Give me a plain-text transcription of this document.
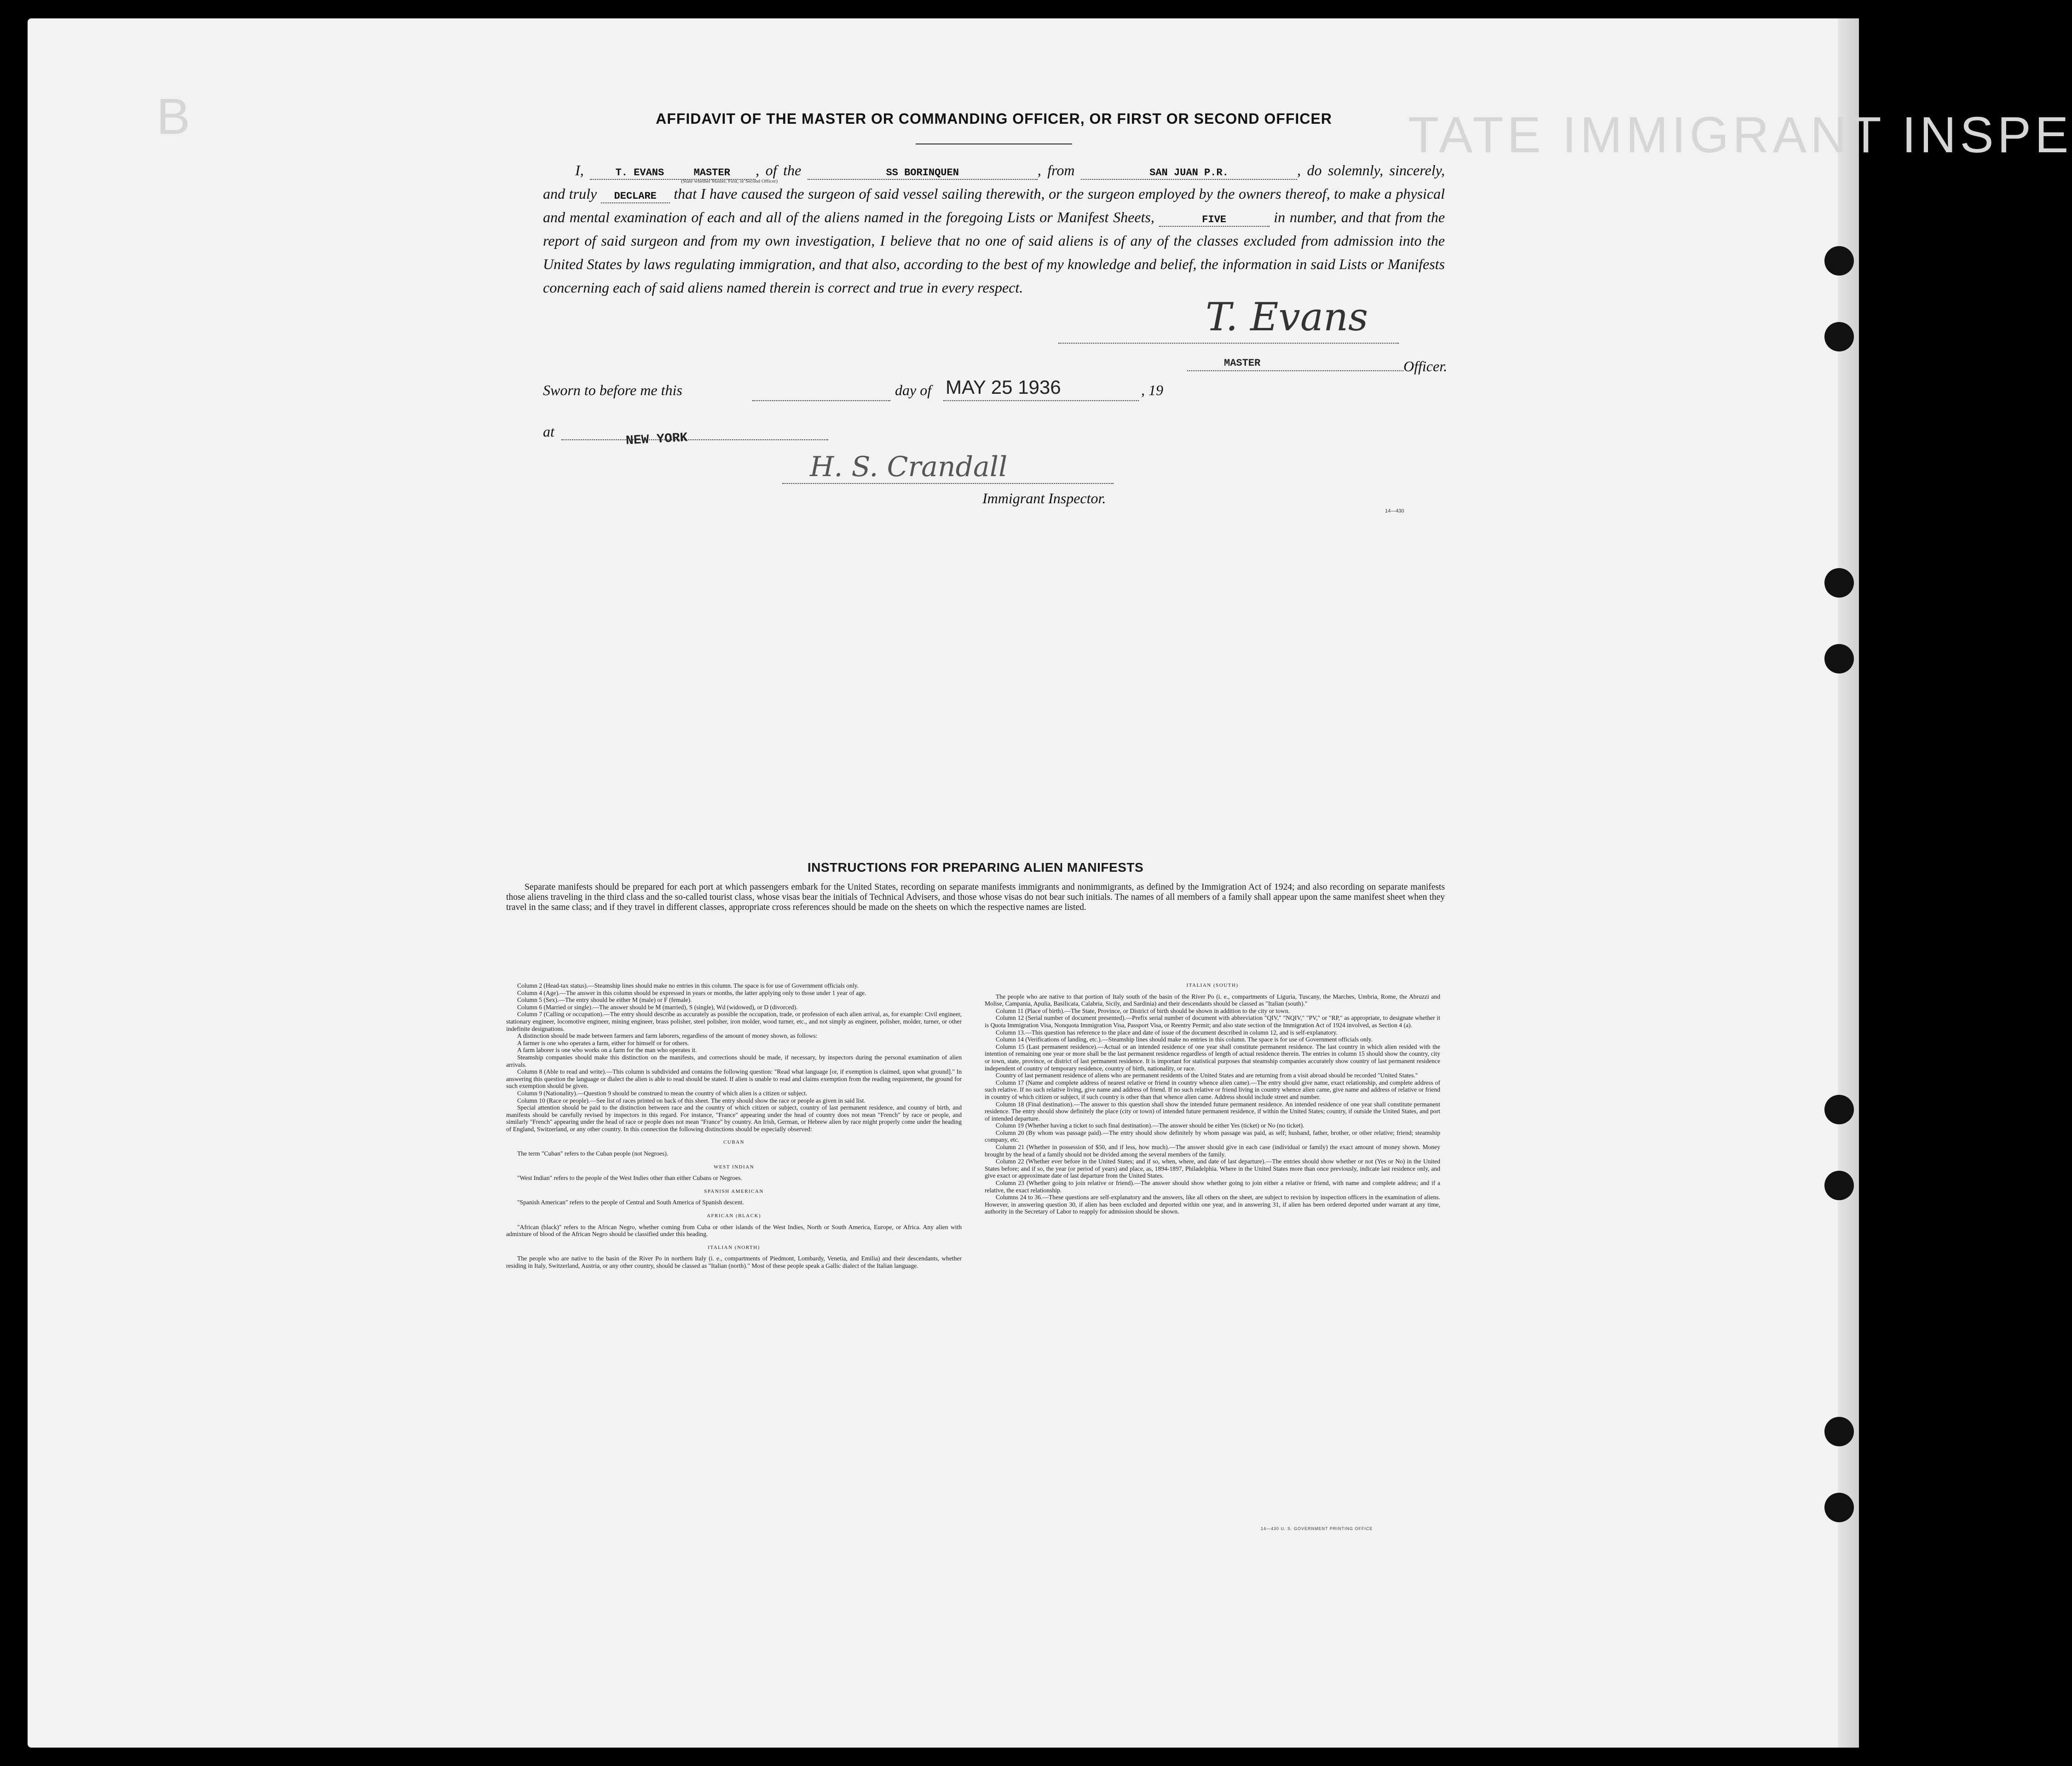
B	TATE IMMIGRANT INSPE
AFFIDAVIT OF THE MASTER OR COMMANDING OFFICER, OR FIRST OR SECOND OFFICER
I,	T. EVANS	MASTER , of the	SS BORINQUEN	, from	SAN JUAN P.R.	, do solemnly, sincerely, and truly DECLARE that I have caused the surgeon of said vessel sailing therewith, or the surgeon employed by the owners thereof, to make a physical and mental examination of each and all of the aliens named in the foregoing Lists or Manifest Sheets,	FIVE	in number, and that from the report of said surgeon and from my own investigation, I believe that no one of said aliens is of any of the classes excluded from admission into the United States by laws regulating immigration, and that also, according to the best of my knowledge and belief, the information in said Lists or Manifests concerning each of said aliens named therein is correct and true in every respect.
(State whether Master, First, or Second Officer)
T. Evans
MASTER	Officer.
Sworn to before me this	day of MAY 25 1936	, 19
at	NEW YORK
H. S. Crandall
Immigrant Inspector.
14—430
INSTRUCTIONS FOR PREPARING ALIEN MANIFESTS
Separate manifests should be prepared for each port at which passengers embark for the United States, recording on separate manifests immigrants and nonimmigrants, as defined by the Immigration Act of 1924; and also recording on separate manifests those aliens traveling in the third class and the so-called tourist class, whose visas bear the initials of Technical Advisers, and those whose visas do not bear such initials. The names of all members of a family shall appear upon the same manifest sheet when they travel in the same class; and if they travel in different classes, appropriate cross references should be made on the sheets on which the respective names are listed.

Column 2 (Head-tax status).—Steamship lines should make no entries in this column. The space is for use of Government officials only.

Column 4 (Age).—The answer in this column should be expressed in years or months, the latter applying only to those under 1 year of age.

Column 5 (Sex).—The entry should be either M (male) or F (female).

Column 6 (Married or single).—The answer should be M (married), S (single), Wd (widowed), or D (divorced).

Column 7 (Calling or occupation).—The entry should describe as accurately as possible the occupation, trade, or profession of each alien arrival, as, for example: Civil engineer, stationary engineer, locomotive engineer, mining engineer, brass polisher, steel polisher, iron molder, wood turner, etc., and not simply as engineer, polisher, molder, turner, or other indefinite designations.

A distinction should be made between farmers and farm laborers, regardless of the amount of money shown, as follows:

A farmer is one who operates a farm, either for himself or for others.

A farm laborer is one who works on a farm for the man who operates it.

Steamship companies should make this distinction on the manifests, and corrections should be made, if necessary, by inspectors during the personal examination of alien arrivals.

Column 8 (Able to read and write).—This column is subdivided and contains the following question: "Read what language [or, if exemption is claimed, upon what ground]." In answering this question the language or dialect the alien is able to read should be stated. If alien is unable to read and claims exemption from the reading requirement, the ground for such exemption should be given.

Column 9 (Nationality).—Question 9 should be construed to mean the country of which alien is a citizen or subject.

Column 10 (Race or people).—See list of races printed on back of this sheet. The entry should show the race or people as given in said list.

Special attention should be paid to the distinction between race and the country of which citizen or subject, country of last permanent residence, and country of birth, and manifests should be carefully revised by inspectors in this regard. For instance, "France" appearing under the head of country does not mean "French" by race or people, and similarly "French" appearing under the head of race or people does not mean "France" by country. An Irish, German, or Hebrew alien by race might properly come under the heading of England, Switzerland, or any other country. In this connection the following distinctions should be especially observed:

CUBAN

The term "Cuban" refers to the Cuban people (not Negroes).

WEST INDIAN

"West Indian" refers to the people of the West Indies other than either Cubans or Negroes.

SPANISH AMERICAN

"Spanish American" refers to the people of Central and South America of Spanish descent.

AFRICAN (BLACK)

"African (black)" refers to the African Negro, whether coming from Cuba or other islands of the West Indies, North or South America, Europe, or Africa. Any alien with admixture of blood of the African Negro should be classified under this heading.

ITALIAN (NORTH)

The people who are native to the basin of the River Po in northern Italy (i. e., compartments of Piedmont, Lombardy, Venetia, and Emilia) and their descendants, whether residing in Italy, Switzerland, Austria, or any other country, should be classed as "Italian (north)." Most of these people speak a Gallic dialect of the Italian language.

ITALIAN (SOUTH)

The people who are native to that portion of Italy south of the basin of the River Po (i. e., compartments of Liguria, Tuscany, the Marches, Umbria, Rome, the Abruzzi and Molise, Campania, Apulia, Basilicata, Calabria, Sicily, and Sardinia) and their descendants should be classed as "Italian (south)."

Column 11 (Place of birth).—The State, Province, or District of birth should be shown in addition to the city or town.

Column 12 (Serial number of document presented).—Prefix serial number of document with abbreviation "QIV," "NQIV," "PV," or "RP," as appropriate, to designate whether it is Quota Immigration Visa, Nonquota Immigration Visa, Passport Visa, or Reentry Permit; and also state section of the Immigration Act of 1924 involved, as Section 4 (a).

Column 13.—This question has reference to the place and date of issue of the document described in column 12, and is self-explanatory.

Column 14 (Verifications of landing, etc.).—Steamship lines should make no entries in this column. The space is for use of Government officials only.

Column 15 (Last permanent residence).—Actual or an intended residence of one year shall constitute permanent residence. The last country in which alien resided with the intention of remaining one year or more shall be the last permanent residence regardless of length of actual residence therein. The entries in column 15 should show the country, city or town, state, province, or district of last permanent residence. It is important for statistical purposes that steamship companies accurately show country of last permanent residence independent of country of temporary residence, country of birth, nationality, or race.

Country of last permanent residence of aliens who are permanent residents of the United States and are returning from a visit abroad should be recorded "United States."

Column 17 (Name and complete address of nearest relative or friend in country whence alien came).—The entry should give name, exact relationship, and complete address of such relative. If no such relative living, give name and address of friend. If no such relative or friend living in country whence alien came, give name and address of relative or friend in country of which citizen or subject, if such country is other than that whence alien came. Address should include street and number.

Column 18 (Final destination).—The answer to this question shall show the intended future permanent residence. An intended residence of one year shall constitute permanent residence. The entry should show definitely the place (city or town) of intended future permanent residence, if within the United States; country, if outside the United States, and port of intended departure.

Column 19 (Whether having a ticket to such final destination).—The answer should be either Yes (ticket) or No (no ticket).

Column 20 (By whom was passage paid).—The entry should show definitely by whom passage was paid, as self; husband, father, brother, or other relative; friend; steamship company, etc.

Column 21 (Whether in possession of $50, and if less, how much).—The answer should give in each case (individual or family) the exact amount of money shown. Money brought by the head of a family should not be divided among the several members of the family.

Column 22 (Whether ever before in the United States; and if so, when, where, and date of last departure).—The entries should show whether or not (Yes or No) in the United States before; and if so, the year (or period of years) and place, as, 1894-1897, Philadelphia. Where in the United States more than once previously, indicate last residence only, and give exact or approximate date of last departure from the United States.

Column 23 (Whether going to join relative or friend).—The answer should show whether going to join either a relative or friend, with name and complete address; and if a relative, the exact relationship.

Columns 24 to 36.—These questions are self-explanatory and the answers, like all others on the sheet, are subject to revision by inspection officers in the examination of aliens. However, in answering question 30, if alien has been excluded and deported within one year, and in answering 31, if alien has been ordered deported under warrant at any time, authority in the Secretary of Labor to reapply for admission should be shown.

14—430 U. S. GOVERNMENT PRINTING OFFICE
